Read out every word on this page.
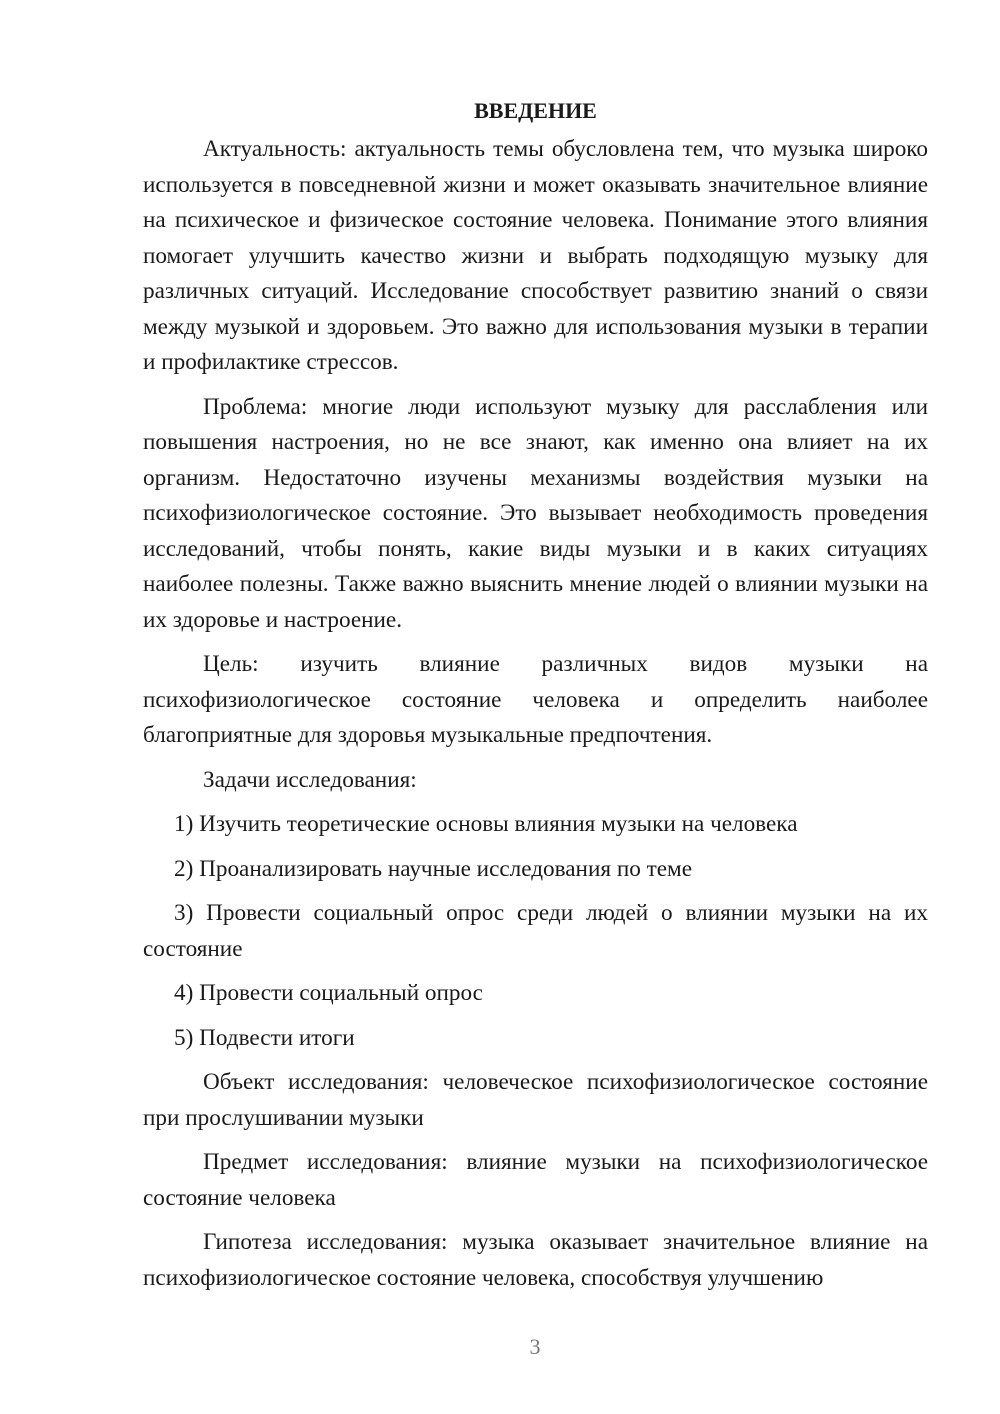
ВВЕДЕНИЕ

Актуальность: актуальность темы обусловлена тем, что музыка широко используется в повседневной жизни и может оказывать значительное влияние на психическое и физическое состояние человека. Понимание этого влияния помогает улучшить качество жизни и выбрать подходящую музыку для различных ситуаций. Исследование способствует развитию знаний о связи между музыкой и здоровьем. Это важно для использования музыки в терапии и профилактике стрессов.

Проблема: многие люди используют музыку для расслабления или повышения настроения, но не все знают, как именно она влияет на их организм. Недостаточно изучены механизмы воздействия музыки на психофизиологическое состояние. Это вызывает необходимость проведения исследований, чтобы понять, какие виды музыки и в каких ситуациях наиболее полезны. Также важно выяснить мнение людей о влиянии музыки на их здоровье и настроение.

Цель: изучить влияние различных видов музыки на психофизиологическое состояние человека и определить наиболее благоприятные для здоровья музыкальные предпочтения.

Задачи исследования:

1) Изучить теоретические основы влияния музыки на человека

2) Проанализировать научные исследования по теме

3) Провести социальный опрос среди людей о влиянии музыки на их состояние

4) Провести социальный опрос

5) Подвести итоги

Объект исследования: человеческое психофизиологическое состояние при прослушивании музыки

Предмет исследования: влияние музыки на психофизиологическое состояние человека

Гипотеза исследования: музыка оказывает значительное влияние на психофизиологическое состояние человека, способствуя улучшению

3
